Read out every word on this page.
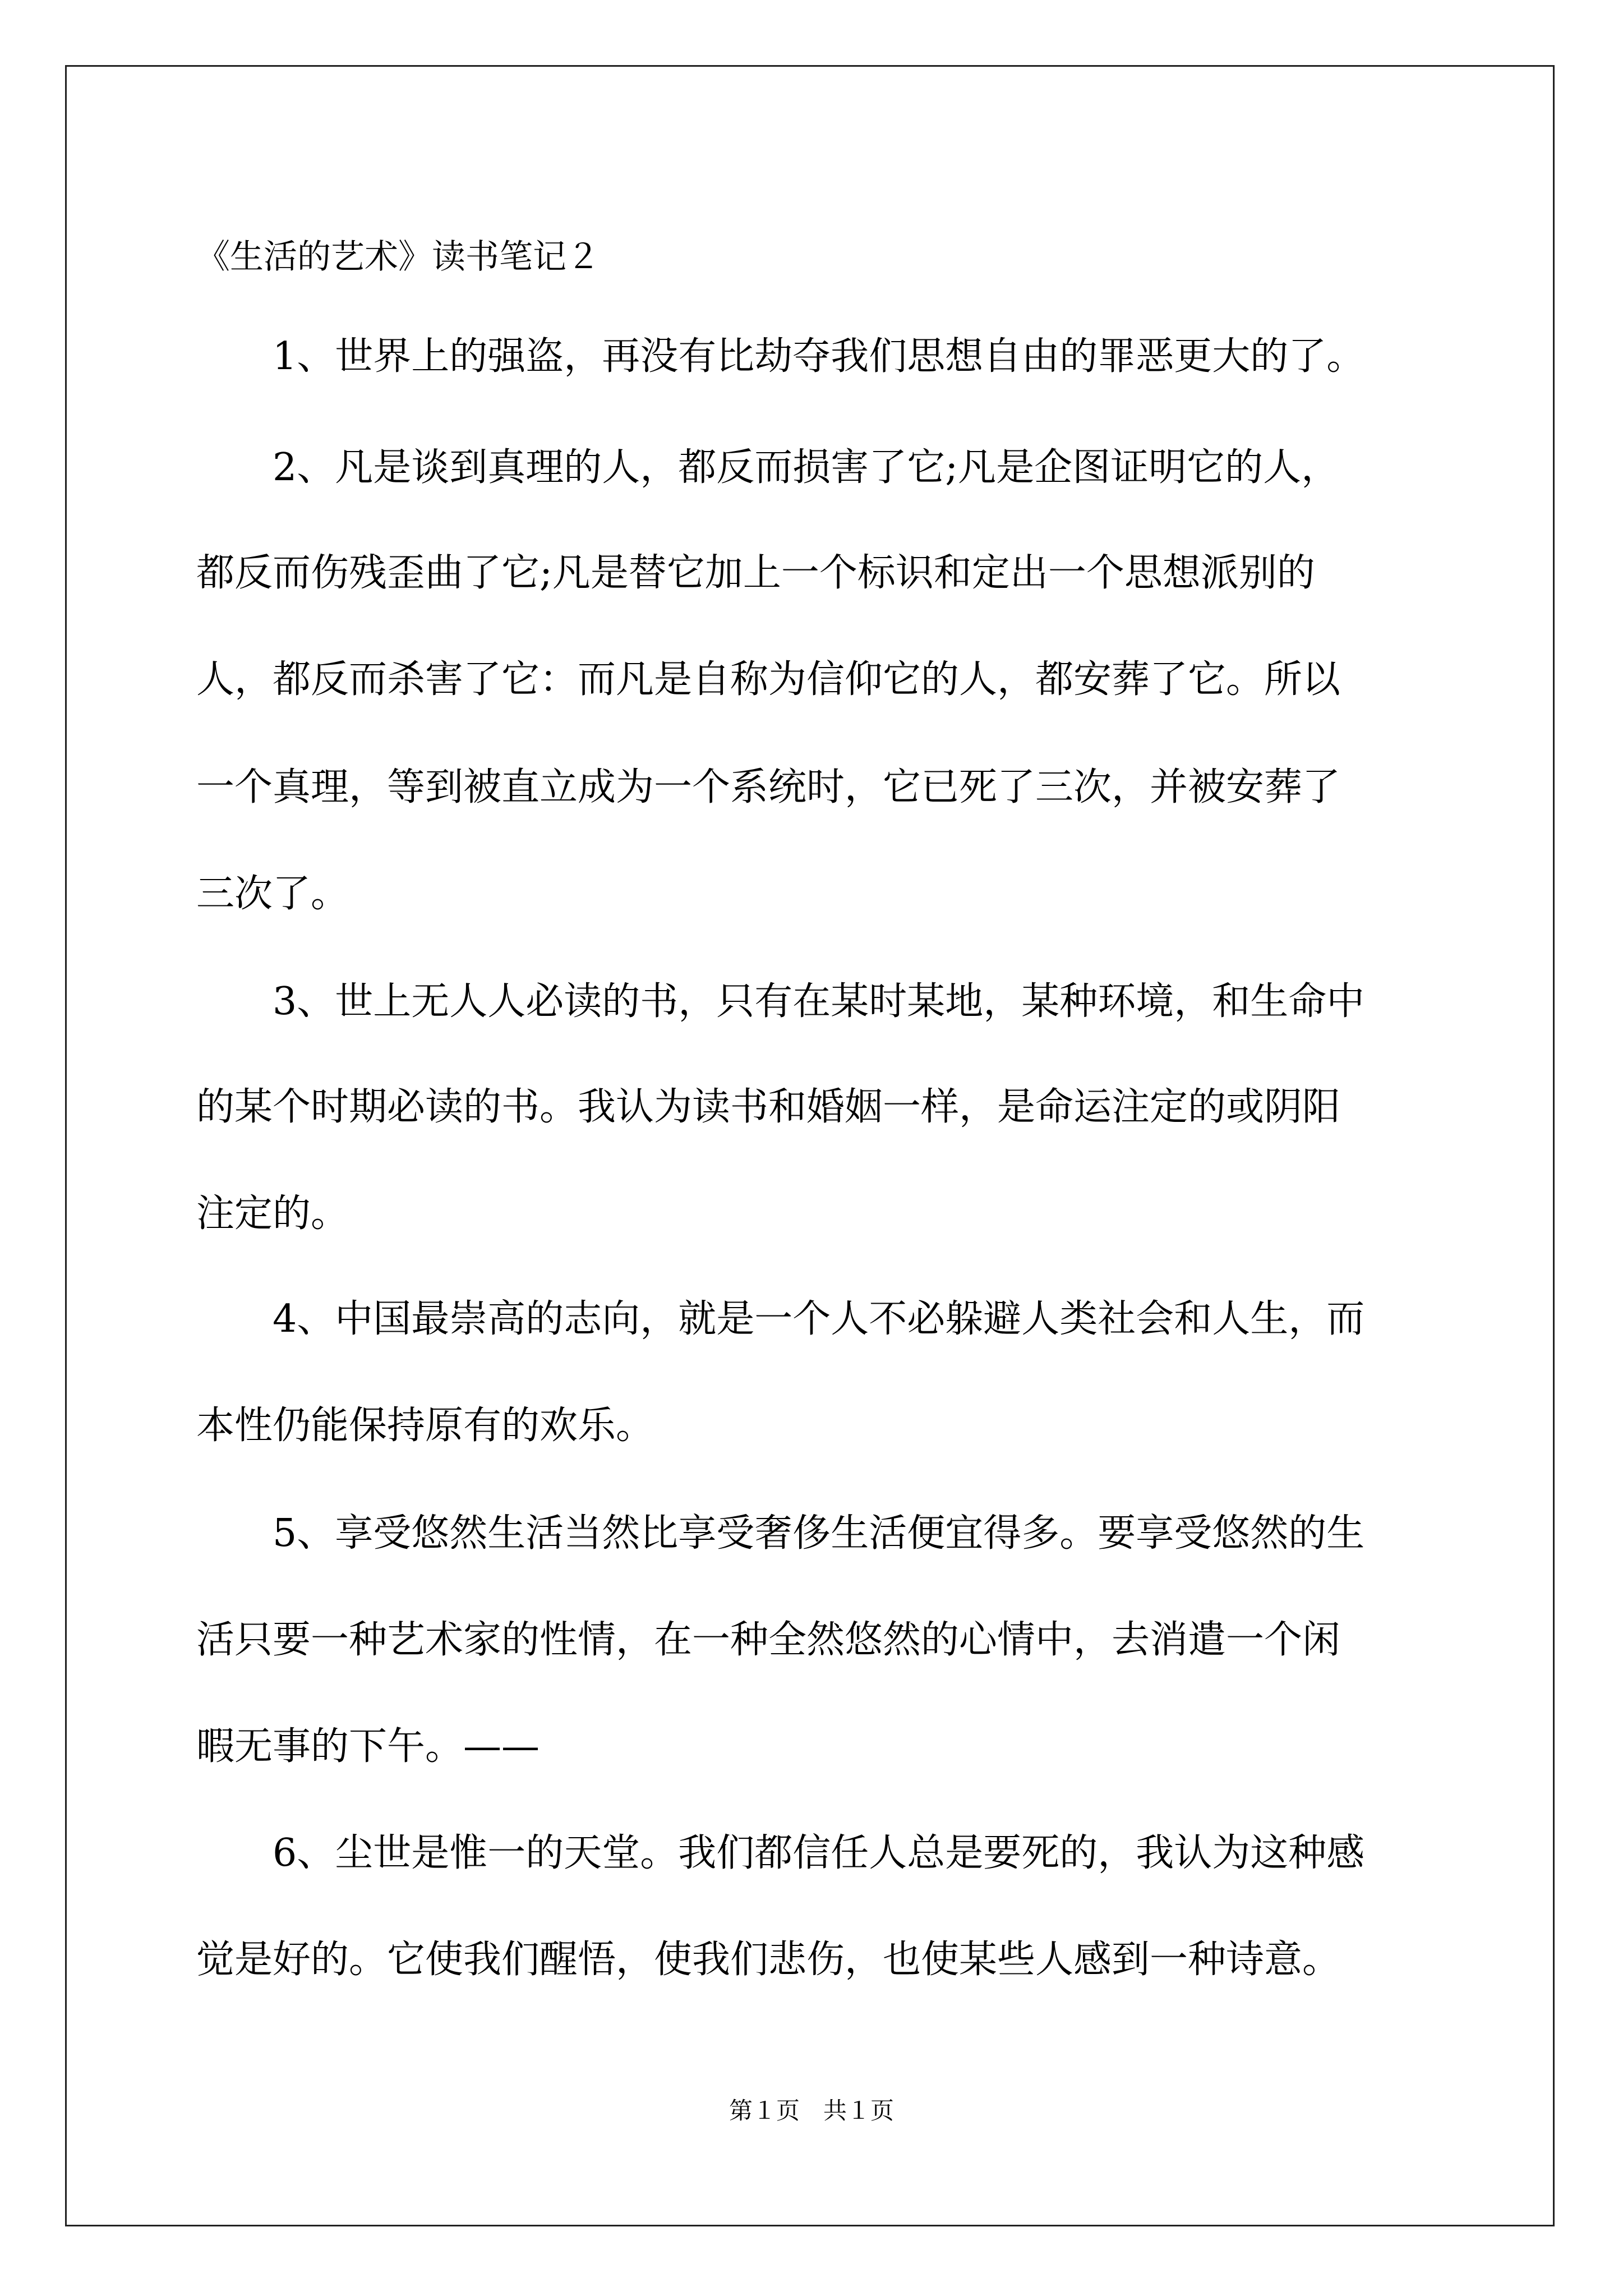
《生活的艺术》读书笔记２
　　1、世界上的强盗，再没有比劫夺我们思想自由的罪恶更大的了。
　　2、凡是谈到真理的人，都反而损害了它;凡是企图证明它的人，
都反而伤残歪曲了它;凡是替它加上一个标识和定出一个思想派别的
人，都反而杀害了它：而凡是自称为信仰它的人，都安葬了它。所以
一个真理，等到被直立成为一个系统时，它已死了三次，并被安葬了
三次了。
　　3、世上无人人必读的书，只有在某时某地，某种环境，和生命中
的某个时期必读的书。我认为读书和婚姻一样，是命运注定的或阴阳
注定的。
　　4、中国最崇高的志向，就是一个人不必躲避人类社会和人生，而
本性仍能保持原有的欢乐。
　　5、享受悠然生活当然比享受奢侈生活便宜得多。要享受悠然的生
活只要一种艺术家的性情，在一种全然悠然的心情中，去消遣一个闲
暇无事的下午。——
　　6、尘世是惟一的天堂。我们都信任人总是要死的，我认为这种感
觉是好的。它使我们醒悟，使我们悲伤，也使某些人感到一种诗意。
第１页　共１页
